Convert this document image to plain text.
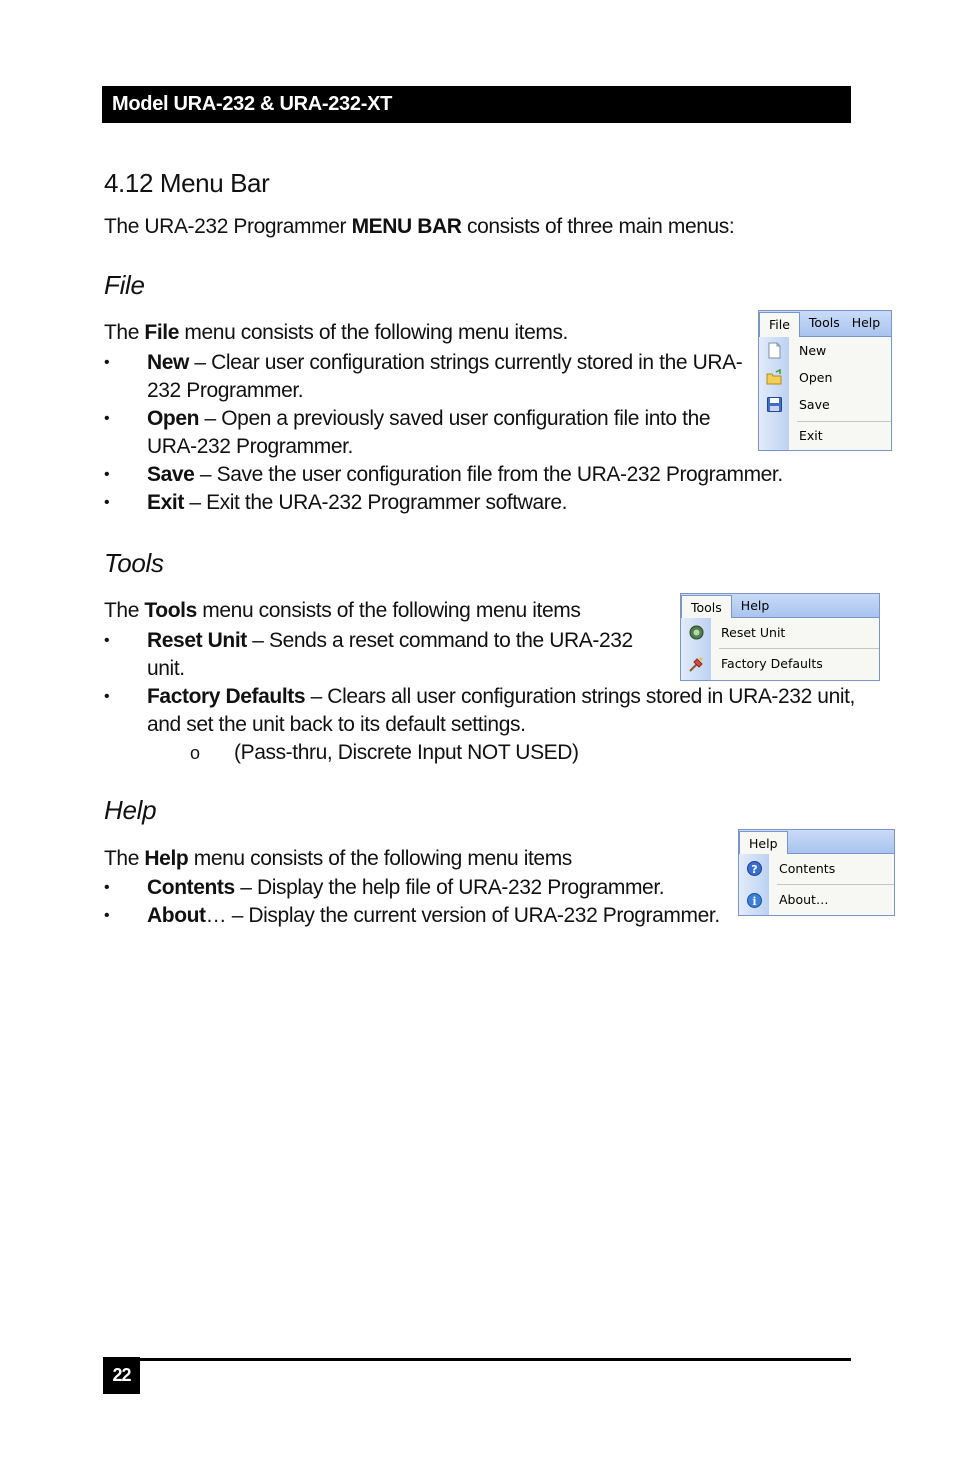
Model URA-232 & URA-232-XT
4.12 Menu Bar
The URA-232 Programmer MENU BAR consists of three main menus:
File
The File menu consists of the following menu items.
• New – Clear user configuration strings currently stored in the URA-
232 Programmer.
• Open – Open a previously saved user configuration file into the
URA-232 Programmer.
• Save – Save the user configuration file from the URA-232 Programmer.
• Exit – Exit the URA-232 Programmer software.
File	Tools Help
New
Open
Save
Exit
Tools
The Tools menu consists of the following menu items
• Reset Unit – Sends a reset command to the URA-232
unit.
• Factory Defaults – Clears all user configuration strings stored in URA-232 unit,
and set the unit back to its default settings.
o (Pass-thru, Discrete Input NOT USED)
Tools	Help
Reset Unit
Factory Defaults
Help
The Help menu consists of the following menu items
• Contents – Display the help file of URA-232 Programmer.
• About… – Display the current version of URA-232 Programmer.
Help
? Contents
i About…
22
